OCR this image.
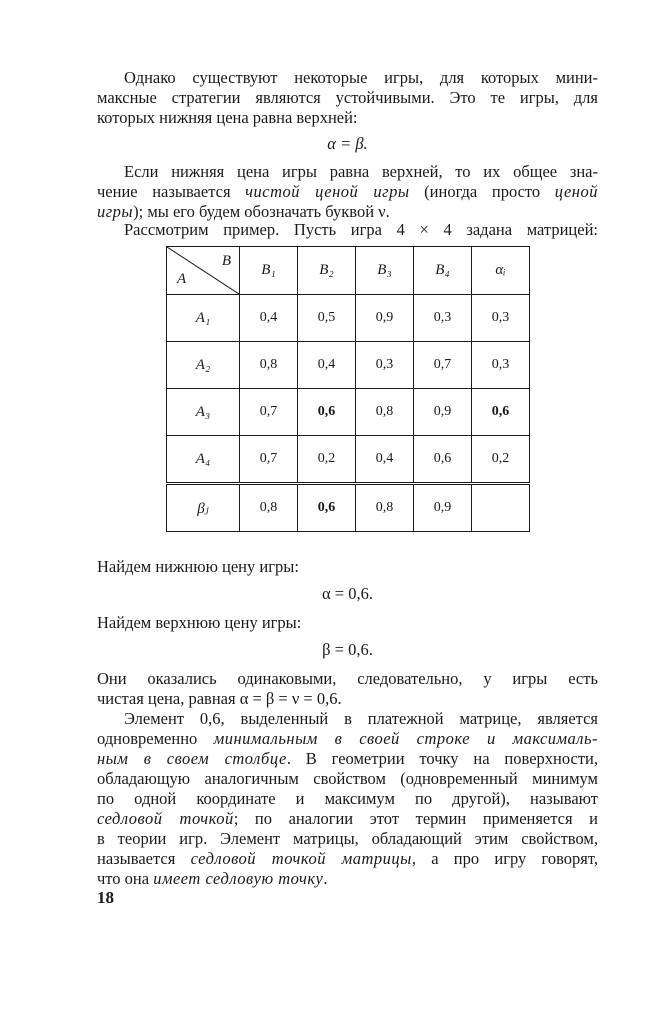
Однако существуют некоторые игры, для которых мини-
максные стратегии являются устойчивыми. Это те игры, для
которых нижняя цена равна верхней:
α = β.
Если нижняя цена игры равна верхней, то их общее зна-
чение называется чистой ценой игры (иногда просто ценой
игры); мы его будем обозначать буквой ν.
Рассмотрим пример. Пусть игра 4 × 4 задана матрицей:
A
B	B₁	B₂	B₃	B₄	αᵢ
A₁	0,4	0,5	0,9	0,3	0,3
A₂	0,8	0,4	0,3	0,7	0,3
A₃	0,7	0,6	0,8	0,9	0,6
A₄	0,7	0,2	0,4	0,6	0,2
βⱼ	0,8	0,6	0,8	0,9	
Найдем нижнюю цену игры:
α = 0,6.
Найдем верхнюю цену игры:
β = 0,6.
Они оказались одинаковыми, следовательно, у игры есть
чистая цена, равная α = β = ν = 0,6.
Элемент 0,6, выделенный в платежной матрице, является
одновременно минимальным в своей строке и максималь-
ным в своем столбце. В геометрии точку на поверхности,
обладающую аналогичным свойством (одновременный минимум
по одной координате и максимум по другой), называют
седловой точкой; по аналогии этот термин применяется и
в теории игр. Элемент матрицы, обладающий этим свойством,
называется седловой точкой матрицы, а про игру говорят,
что она имеет седловую точку.
18
